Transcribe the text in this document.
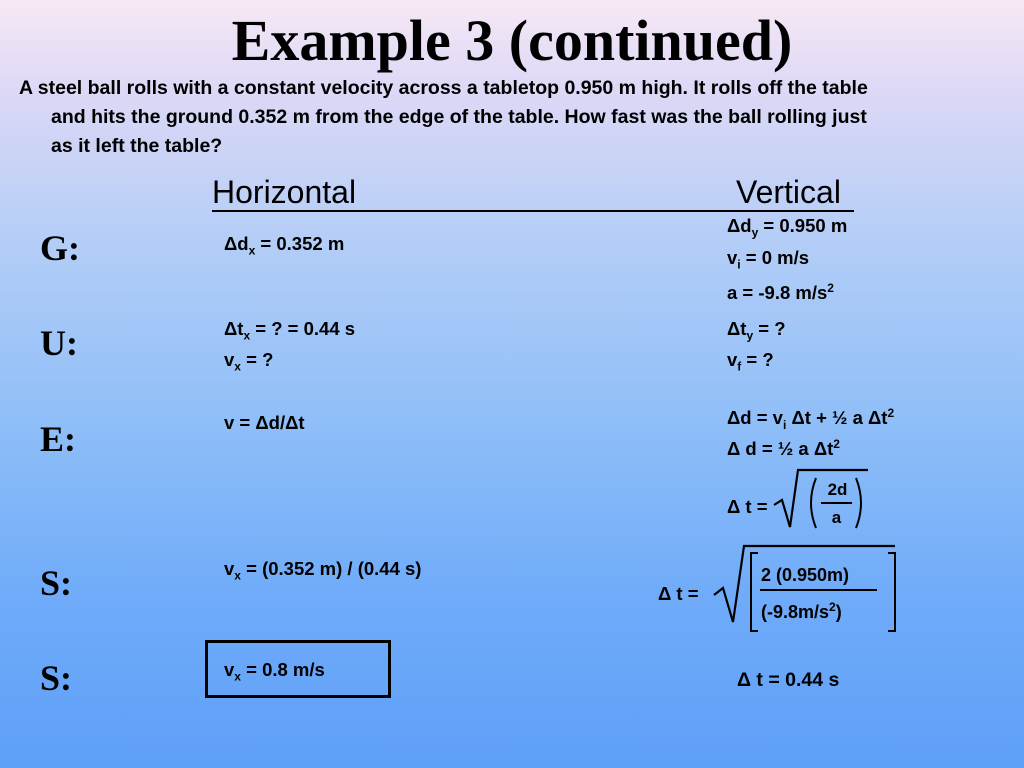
Example 3 (continued)
A steel ball rolls with a constant velocity across a tabletop 0.950 m high. It rolls off the table
and hits the ground 0.352 m from the edge of the table. How fast was the ball rolling just
as it left the table?
Horizontal	Vertical
G:
U:
E:
S:
S:
$\Delta d_x = 0.352$ m
$\Delta t_x$ = ? = 0.44 s
$v_x$ = ?
v = Δd/Δt
$v_x = (0.352$ m) / (0.44 s)
$v_x = 0.8$ m/s
$\Delta d_y = 0.950$ m
$v_i = 0$ m/s
a = -9.8 $m/s^2$
$\Delta t_y$ = ?
$v_f$ = ?
$\Delta d = v_i$ Δt + ½ a $\Delta t^2$
Δ d = ½ a $\Delta t^2$
Δ t =
2d
a
Δ t =
2 (0.950m)
$(-9.8m/s^2)$
Δ t = 0.44 s
